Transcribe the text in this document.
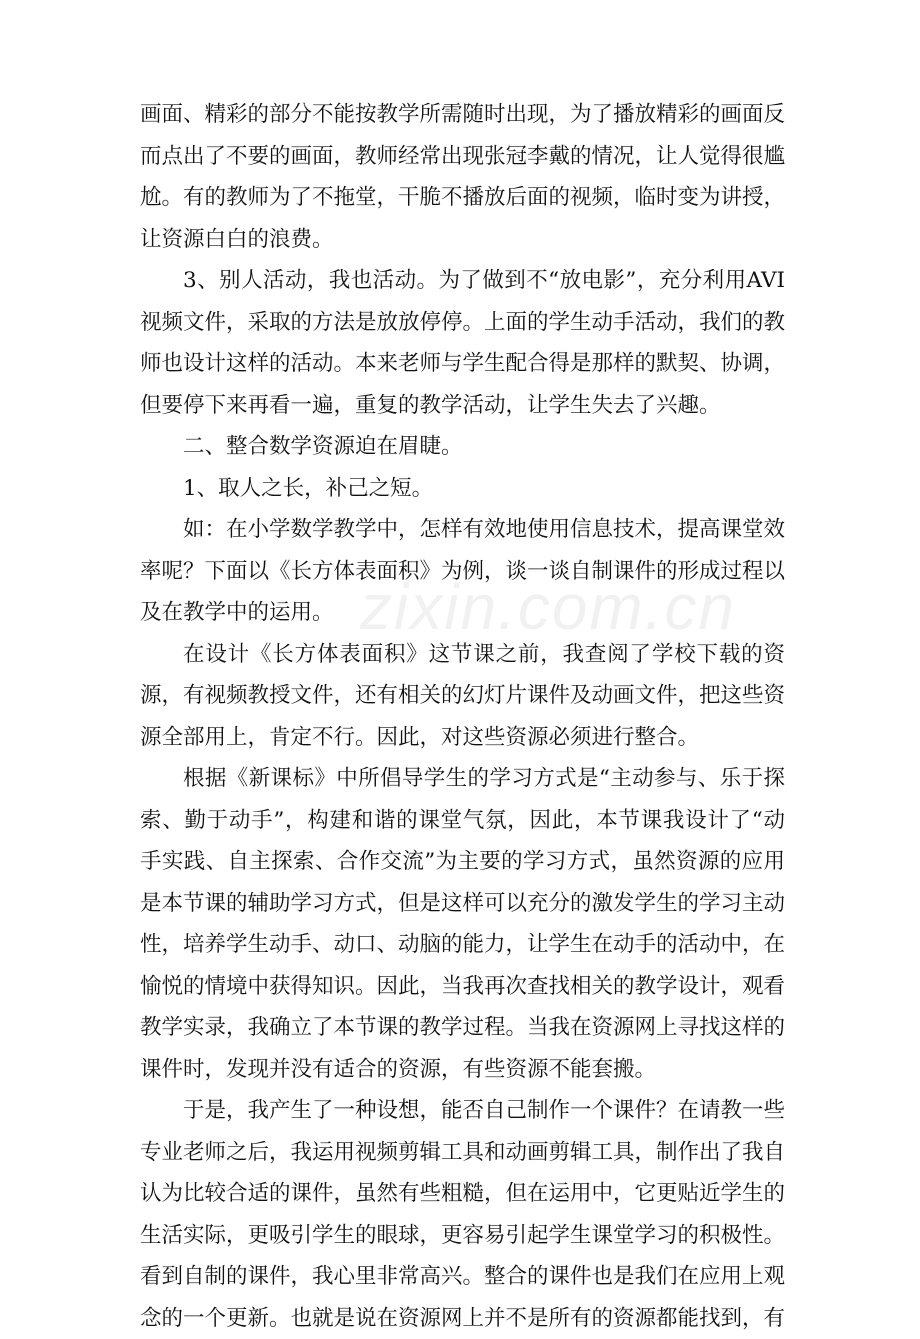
画面、精彩的部分不能按教学所需随时出现，为了播放精彩的画面反而点出了不要的画面，教师经常出现张冠李戴的情况，让人觉得很尴尬。有的教师为了不拖堂，干脆不播放后面的视频，临时变为讲授，让资源白白的浪费。

3、别人活动，我也活动。为了做到不“放电影”，充分利用AVI视频文件，采取的方法是放放停停。上面的学生动手活动，我们的教师也设计这样的活动。本来老师与学生配合得是那样的默契、协调，但要停下来再看一遍，重复的教学活动，让学生失去了兴趣。

二、整合数学资源迫在眉睫。

1、取人之长，补己之短。

如：在小学数学教学中，怎样有效地使用信息技术，提高课堂效率呢？下面以《长方体表面积》为例，谈一谈自制课件的形成过程以及在教学中的运用。

在设计《长方体表面积》这节课之前，我查阅了学校下载的资源，有视频教授文件，还有相关的幻灯片课件及动画文件，把这些资源全部用上，肯定不行。因此，对这些资源必须进行整合。

根据《新课标》中所倡导学生的学习方式是“主动参与、乐于探索、勤于动手”，构建和谐的课堂气氛，因此，本节课我设计了“动手实践、自主探索、合作交流”为主要的学习方式，虽然资源的应用是本节课的辅助学习方式，但是这样可以充分的激发学生的学习主动性，培养学生动手、动口、动脑的能力，让学生在动手的活动中，在愉悦的情境中获得知识。因此，当我再次查找相关的教学设计，观看教学实录，我确立了本节课的教学过程。当我在资源网上寻找这样的课件时，发现并没有适合的资源，有些资源不能套搬。

于是，我产生了一种设想，能否自己制作一个课件？在请教一些专业老师之后，我运用视频剪辑工具和动画剪辑工具，制作出了我自认为比较合适的课件，虽然有些粗糙，但在运用中，它更贴近学生的生活实际，更吸引学生的眼球，更容易引起学生课堂学习的积极性。看到自制的课件，我心里非常高兴。整合的课件也是我们在应用上观念的一个更新。也就是说在资源网上并不是所有的资源都能找到，有

zixin.com.cn
